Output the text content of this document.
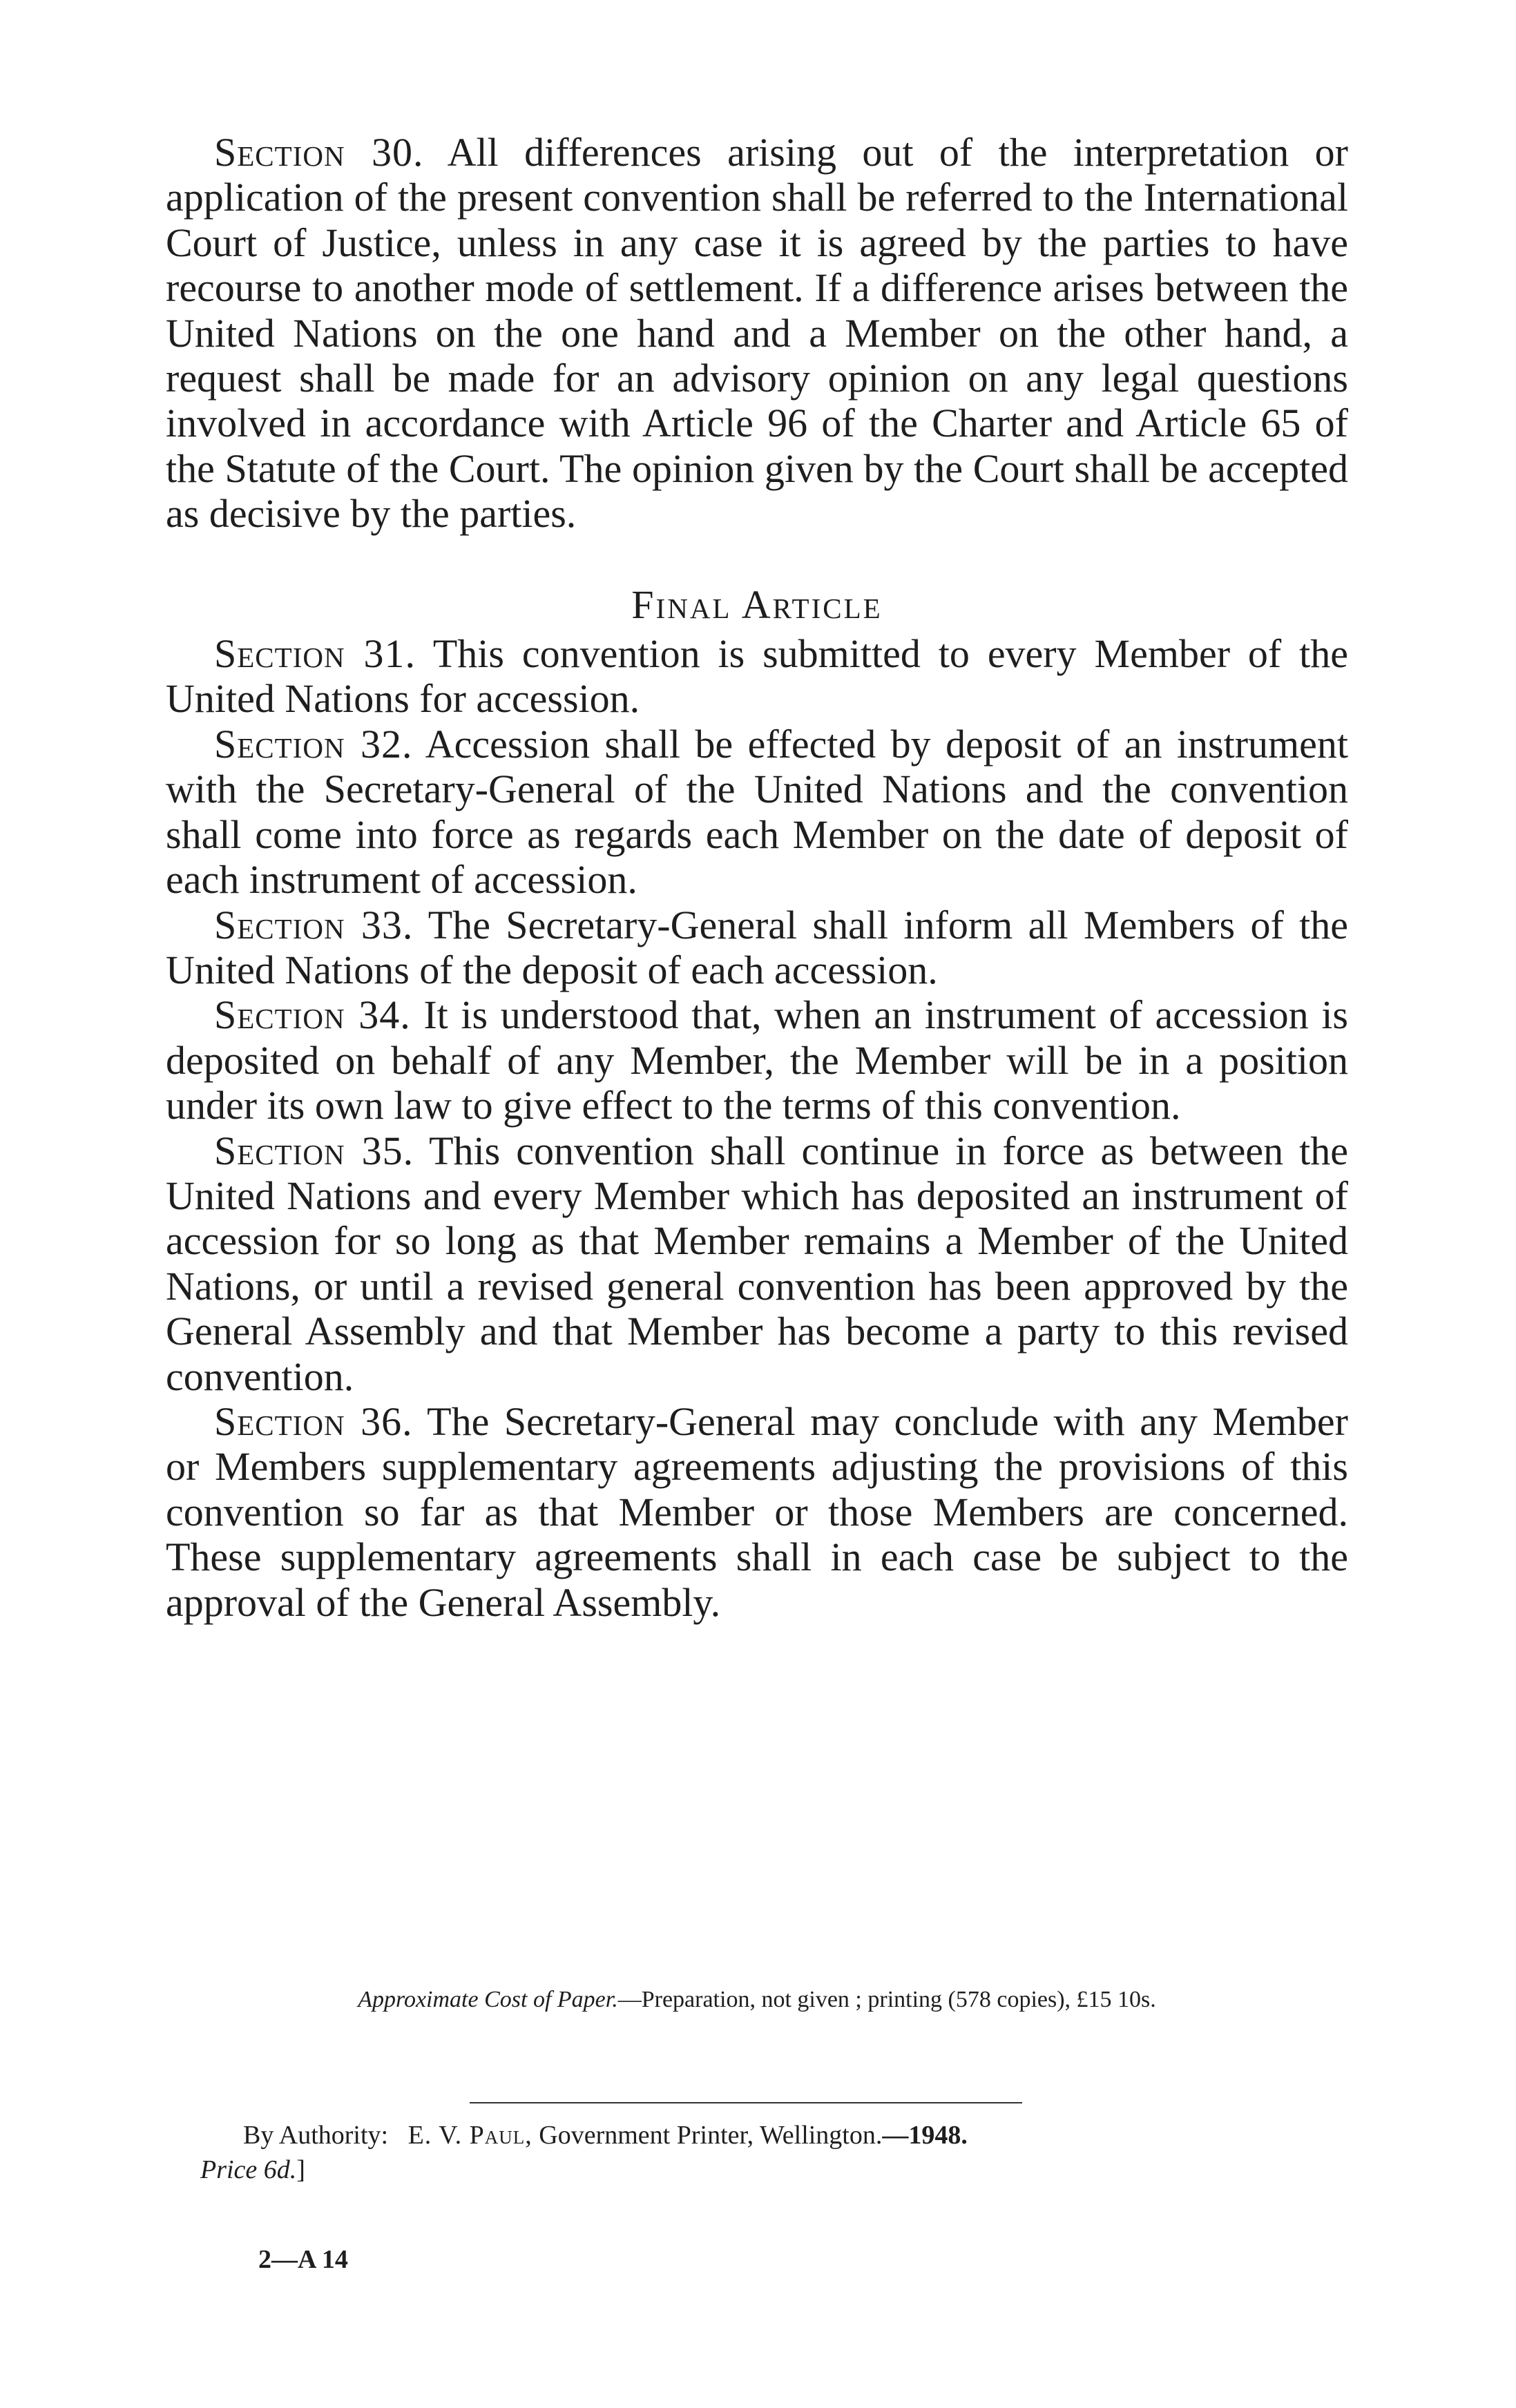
Section 30. All differences arising out of the interpretation or application of the present convention shall be referred to the International Court of Justice, unless in any case it is agreed by the parties to have recourse to another mode of settlement. If a difference arises between the United Nations on the one hand and a Member on the other hand, a request shall be made for an advisory opinion on any legal questions involved in accordance with Article 96 of the Charter and Article 65 of the Statute of the Court. The opinion given by the Court shall be accepted as decisive by the parties.

Final Article

Section 31. This convention is submitted to every Member of the United Nations for accession.

Section 32. Accession shall be effected by deposit of an instrument with the Secretary-General of the United Nations and the convention shall come into force as regards each Member on the date of deposit of each instrument of accession.

Section 33. The Secretary-General shall inform all Members of the United Nations of the deposit of each accession.

Section 34. It is understood that, when an instrument of accession is deposited on behalf of any Member, the Member will be in a position under its own law to give effect to the terms of this convention.

Section 35. This convention shall continue in force as between the United Nations and every Member which has deposited an instrument of accession for so long as that Member remains a Member of the United Nations, or until a revised general convention has been approved by the General Assembly and that Member has become a party to this revised convention.

Section 36. The Secretary-General may conclude with any Member or Members supplementary agreements adjusting the provisions of this convention so far as that Member or those Members are concerned. These supplementary agreements shall in each case be subject to the approval of the General Assembly.

Approximate Cost of Paper.—Preparation, not given ; printing (578 copies), £15 10s.
By Authority: E. V. Paul, Government Printer, Wellington.—1948.
Price 6d.]
2—A 14
